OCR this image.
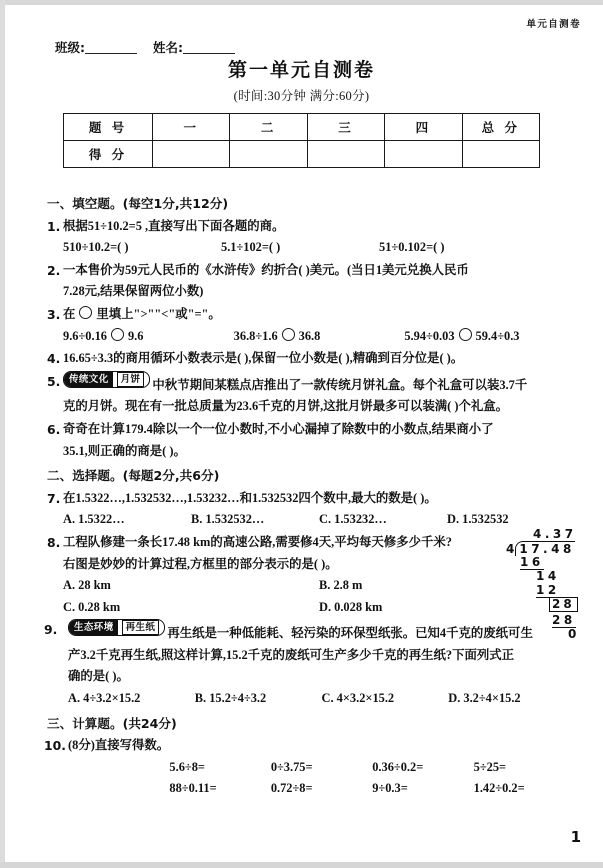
单元自测卷
班级:	姓名:
第一单元自测卷
(时间:30分钟 满分:60分)
题 号	一	二	三	四	总 分
得 分					
一、填空题。(每空1分,共12分)
1. 根据51÷10.2=5 ,直接写出下面各题的商。
510÷10.2=( )	5.1÷102=( )	51÷0.102=( )
2. 一本售价为59元人民币的《水浒传》约折合( )美元。(当日1美元兑换人民币
7.28元,结果保留两位小数)
3. 在 里填上">""<"或"="。
9.6÷0.16 9.6	36.8÷1.6 36.8	5.94÷0.03 59.4÷0.3
4. 16.65÷3.3的商用循环小数表示是( ),保留一位小数是( ),精确到百分位是( )。
5. 传统文化 月饼 中秋节期间某糕点店推出了一款传统月饼礼盒。每个礼盒可以装3.7千
克的月饼。现在有一批总质量为23.6千克的月饼,这批月饼最多可以装满( )个礼盒。
6. 奇奇在计算179.4除以一个一位小数时,不小心漏掉了除数中的小数点,结果商小了
35.1,则正确的商是( )。
二、选择题。(每题2分,共6分)
7. 在1.5322…,1.532532…,1.53232…和1.532532四个数中,最大的数是( )。
A. 1.5322…	B. 1.532532…	C. 1.53232…	D. 1.532532
8. 工程队修建一条长17.48 km的高速公路,需要修4天,平均每天修多少千米?
右图是妙妙的计算过程,方框里的部分表示的是( )。
A. 28 km	B. 2.8 m
C. 0.28 km	D. 0.028 km
9. 生态环境 再生纸 再生纸是一种低能耗、轻污染的环保型纸张。已知4千克的废纸可生
产3.2千克再生纸,照这样计算,15.2千克的废纸可生产多少千克的再生纸?下面列式正
确的是( )。
A. 4÷3.2×15.2	B. 15.2÷4÷3.2	C. 4×3.2×15.2	D. 3.2÷4×15.2
三、计算题。(共24分)
10. (8分)直接写得数。
5.6÷8=	0÷3.75=	0.36÷0.2=	5÷25=
88÷0.11=	0.72÷8=	9÷0.3=	1.42÷0.2=
4.37
4 17.48
16
14
12
28
28
0
1
